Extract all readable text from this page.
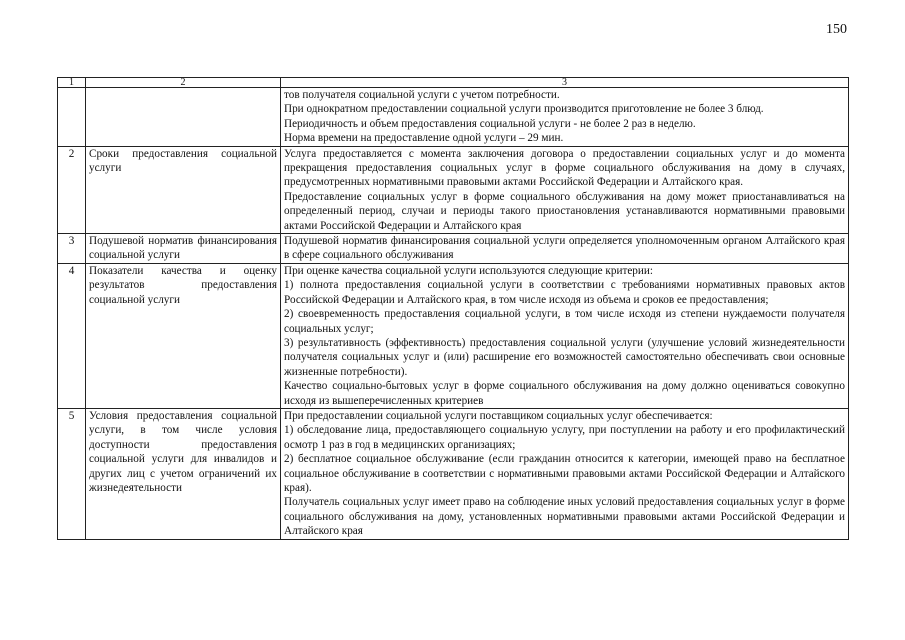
150
1	2	3

		тов получателя социальной услуги с учетом потребности.
При однократном предоставлении социальной услуги производится приготовление не более 3 блюд.
Периодичность и объем предоставления социальной услуги - не более 2 раз в неделю.
Норма времени на предоставление одной услуги – 29 мин.

2	Сроки предоставления социальной услуги	Услуга предоставляется с момента заключения договора о предоставлении социальных услуг и до момента прекращения предоставления социальных услуг в форме социального обслуживания на дому в случаях, предусмотренных нормативными правовыми актами Российской Федерации и Алтайского края.
Предоставление социальных услуг в форме социального обслуживания на дому может приостанавливаться на определенный период, случаи и периоды такого приостановления устанавливаются нормативными правовыми актами Российской Федерации и Алтайского края

3	Подушевой норматив финансирования социальной услуги	Подушевой норматив финансирования социальной услуги определяется уполномоченным органом Алтайского края в сфере социального обслуживания

4	Показатели качества и оценку результатов предоставления социальной услуги	При оценке качества социальной услуги используются следующие критерии:
1) полнота предоставления социальной услуги в соответствии с требованиями нормативных правовых актов Российской Федерации и Алтайского края, в том числе исходя из объема и сроков ее предоставления;
2) своевременность предоставления социальной услуги, в том числе исходя из степени нуждаемости получателя социальных услуг;
3) результативность (эффективность) предоставления социальной услуги (улучшение условий жизнедеятельности получателя социальных услуг и (или) расширение его возможностей самостоятельно обеспечивать свои основные жизненные потребности).
Качество социально-бытовых услуг в форме социального обслуживания на дому должно оцениваться совокупно исходя из вышеперечисленных критериев

5	Условия предоставления социальной услуги, в том числе условия доступности предоставления социальной услуги для инвалидов и других лиц с учетом ограничений их жизнедеятельности	При предоставлении социальной услуги поставщиком социальных услуг обеспечивается:
1) обследование лица, предоставляющего социальную услугу, при поступлении на работу и его профилактический осмотр 1 раз в год в медицинских организациях;
2) бесплатное социальное обслуживание (если гражданин относится к категории, имеющей право на бесплатное социальное обслуживание в соответствии с нормативными правовыми актами Российской Федерации и Алтайского края).
Получатель социальных услуг имеет право на соблюдение иных условий предоставления социальных услуг в форме социального обслуживания на дому, установленных нормативными правовыми актами Российской Федерации и Алтайского края
